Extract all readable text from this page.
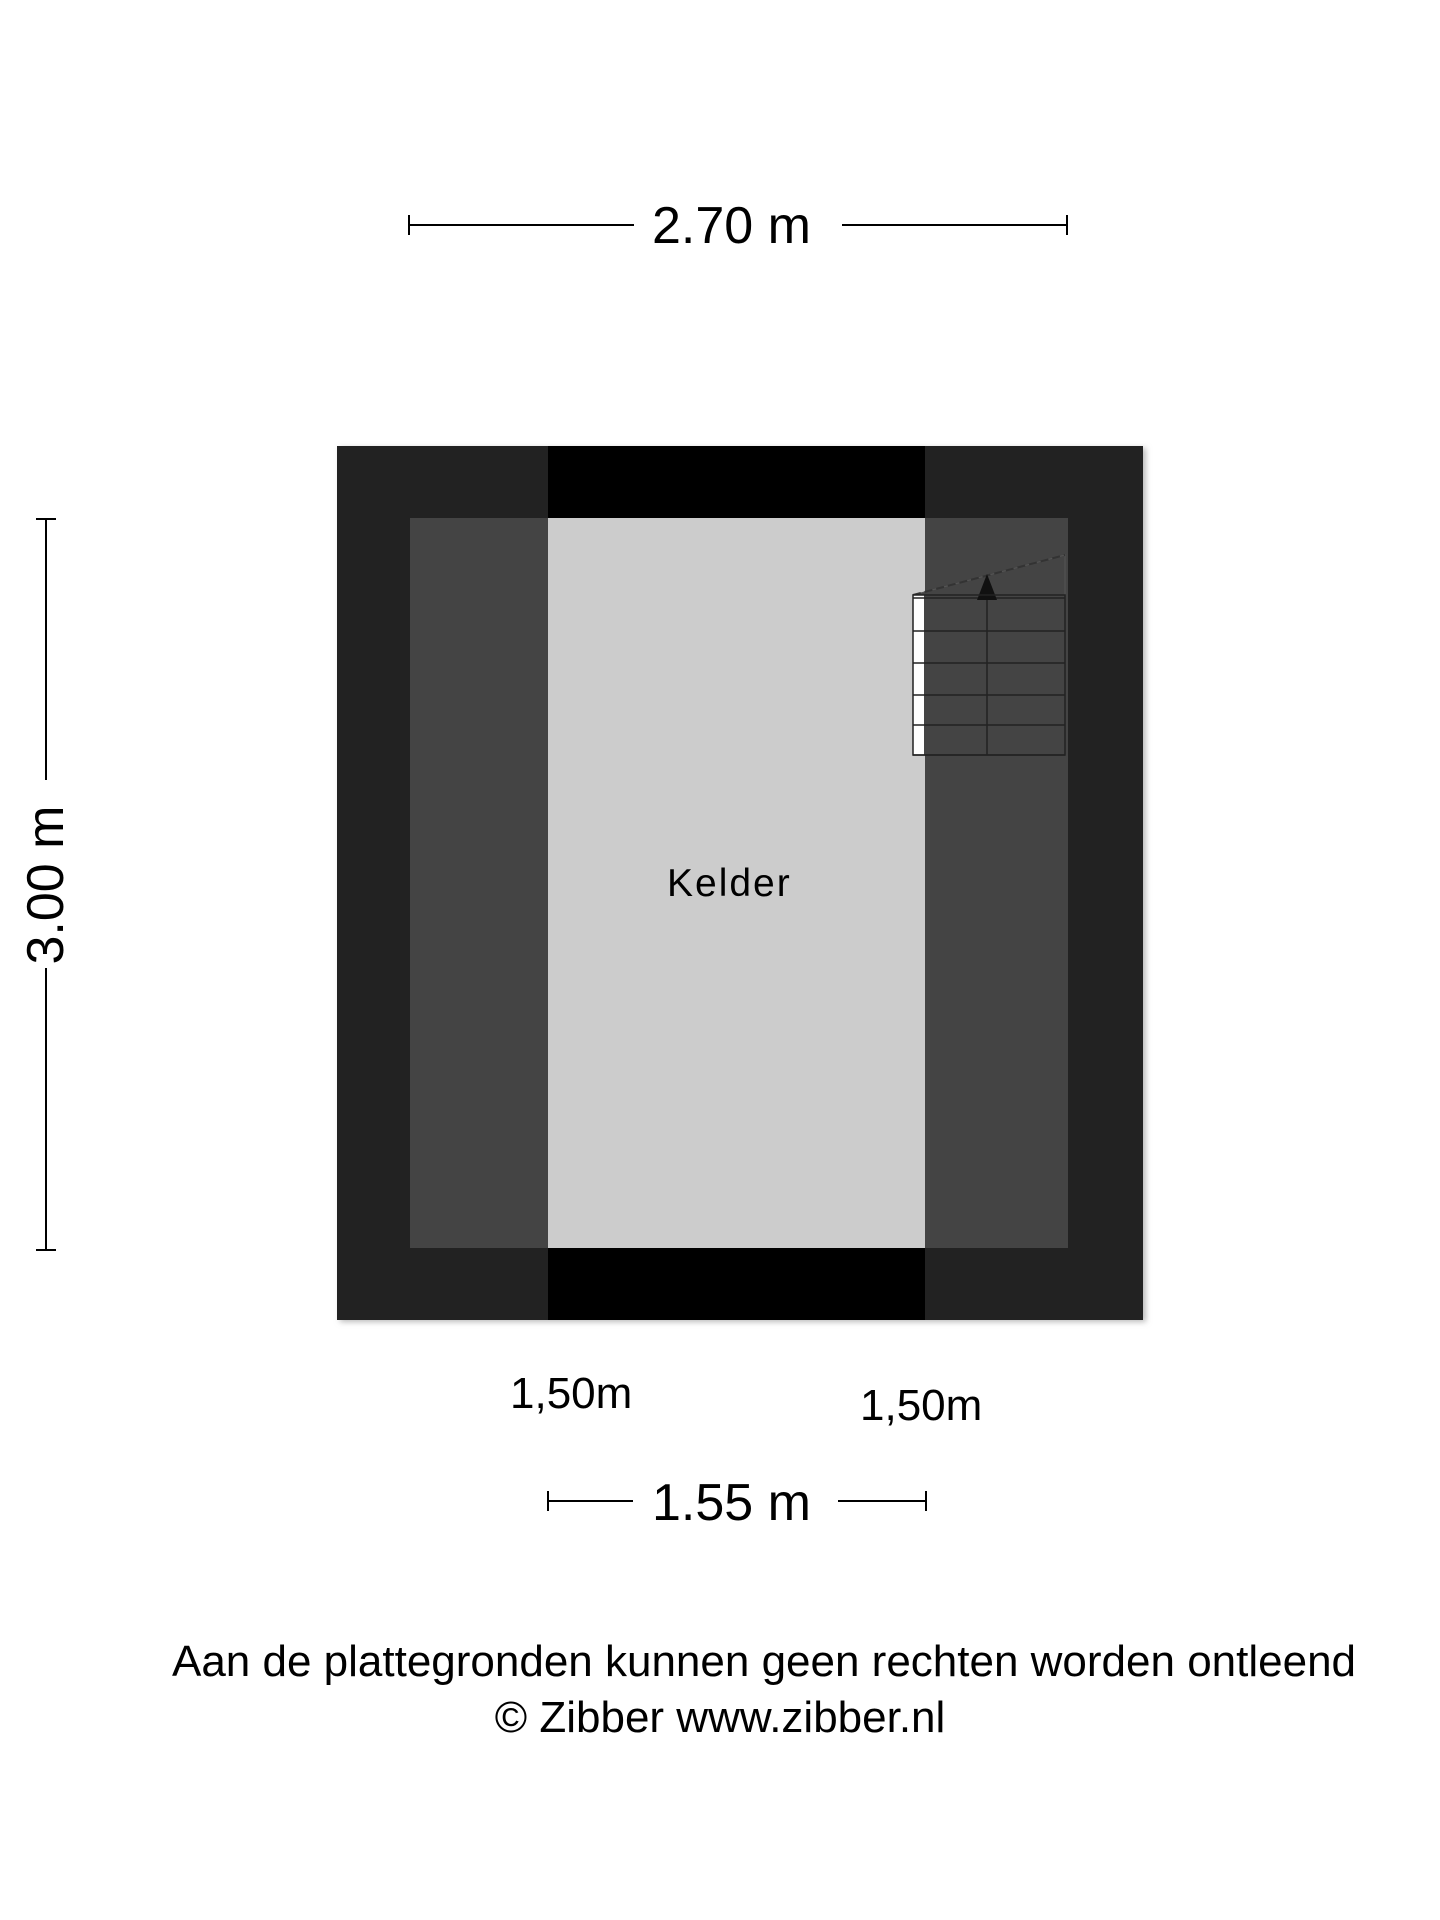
2.70 m
3.00 m	Kelder
1,50m	1,50m
1.55 m
Aan de plattegronden kunnen geen rechten worden ontleend
© Zibber www.zibber.nl
